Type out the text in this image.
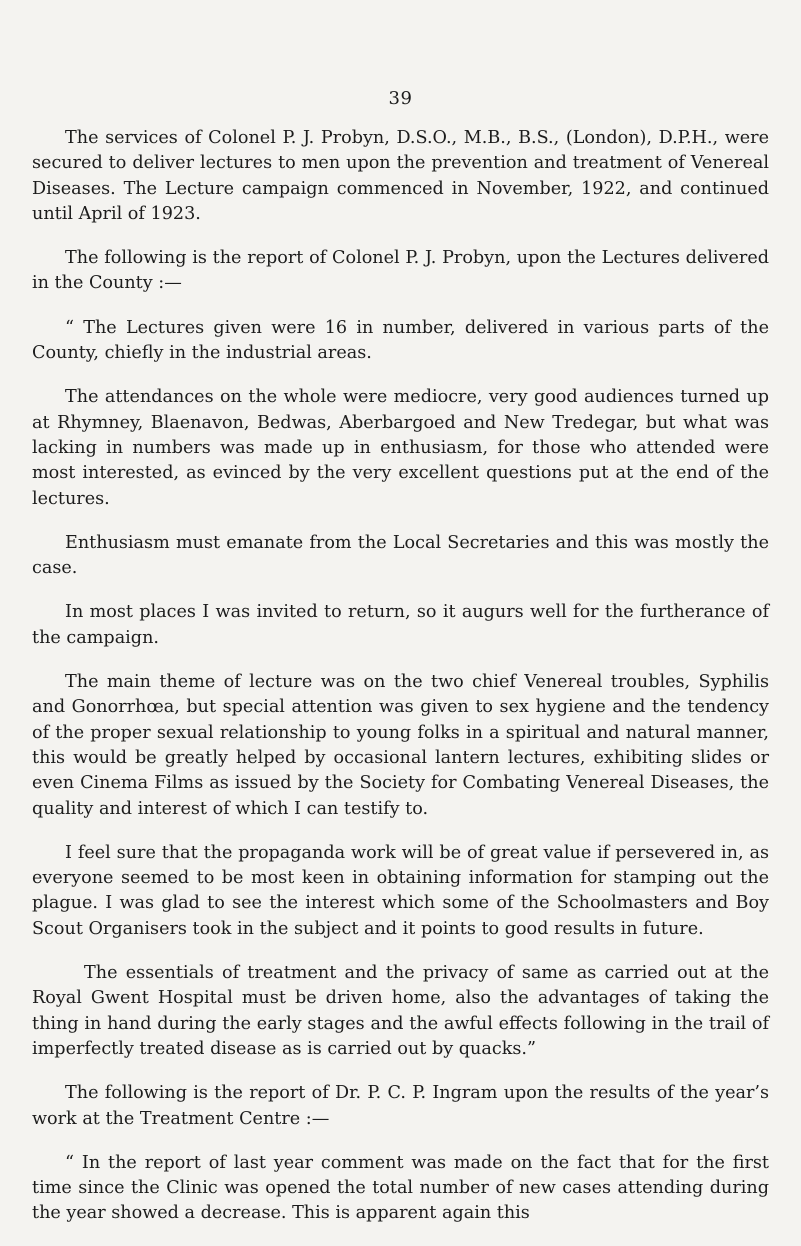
39

The services of Colonel P. J. Probyn, D.S.O., M.B., B.S., (London), D.P.H., were secured to deliver lectures to men upon the prevention and treatment of Venereal Diseases. The Lecture campaign commenced in November, 1922, and continued until April of 1923.

The following is the report of Colonel P. J. Probyn, upon the Lectures delivered in the County :—

“ The Lectures given were 16 in number, delivered in various parts of the County, chiefly in the industrial areas.

The attendances on the whole were mediocre, very good audiences turned up at Rhymney, Blaenavon, Bedwas, Aberbargoed and New Tredegar, but what was lacking in numbers was made up in enthusiasm, for those who attended were most interested, as evinced by the very excellent questions put at the end of the lectures.

Enthusiasm must emanate from the Local Secretaries and this was mostly the case.

In most places I was invited to return, so it augurs well for the furtherance of the campaign.

The main theme of lecture was on the two chief Venereal troubles, Syphilis and Gonorrhœa, but special attention was given to sex hygiene and the tendency of the proper sexual relationship to young folks in a spiritual and natural manner, this would be greatly helped by occasional lantern lectures, exhibiting slides or even Cinema Films as issued by the Society for Combating Venereal Diseases, the quality and interest of which I can testify to.

I feel sure that the propaganda work will be of great value if persevered in, as everyone seemed to be most keen in obtaining information for stamping out the plague. I was glad to see the interest which some of the Schoolmasters and Boy Scout Organisers took in the subject and it points to good results in future.

The essentials of treatment and the privacy of same as carried out at the Royal Gwent Hospital must be driven home, also the advantages of taking the thing in hand during the early stages and the awful effects following in the trail of imperfectly treated disease as is carried out by quacks.”

The following is the report of Dr. P. C. P. Ingram upon the results of the year’s work at the Treatment Centre :—

“ In the report of last year comment was made on the fact that for the first time since the Clinic was opened the total number of new cases attending during the year showed a decrease. This is apparent again this
